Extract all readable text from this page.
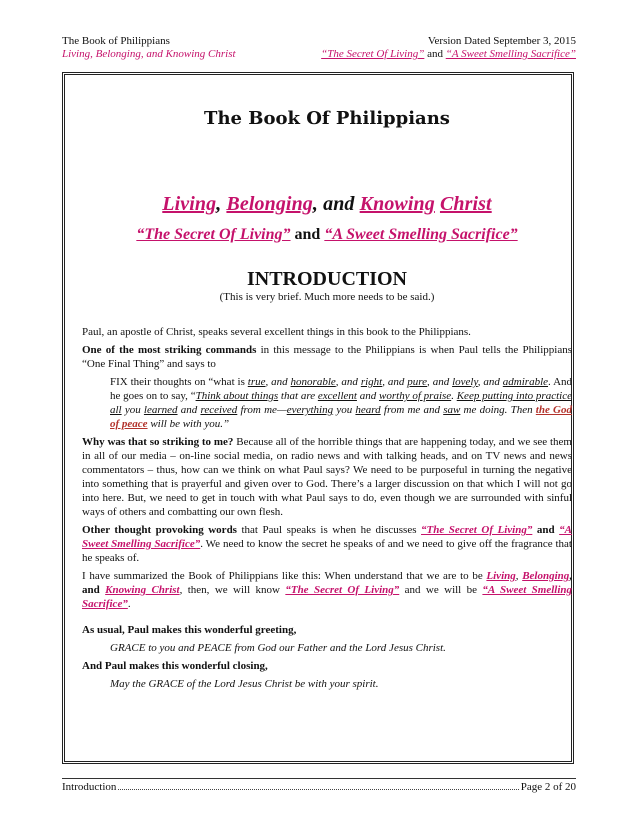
The Book of Philippians	Version Dated September 3, 2015
Living, Belonging, and Knowing Christ	“The Secret Of Living” and “A Sweet Smelling Sacrifice”
The Book Of Philippians
Living, Belonging, and Knowing Christ
“The Secret Of Living” and “A Sweet Smelling Sacrifice”
INTRODUCTION
(This is very brief. Much more needs to be said.)

Paul, an apostle of Christ, speaks several excellent things in this book to the Philippians.

One of the most striking commands in this message to the Philippians is when Paul tells the Philippians “One Final Thing” and says to

FIX their thoughts on “what is true, and honorable, and right, and pure, and lovely, and admirable. And he goes on to say, “Think about things that are excellent and worthy of praise. Keep putting into practice all you learned and received from me—everything you heard from me and saw me doing. Then the God of peace will be with you.”

Why was that so striking to me? Because all of the horrible things that are happening today, and we see them in all of our media – on-line social media, on radio news and with talking heads, and on TV news and news commentators – thus, how can we think on what Paul says? We need to be purposeful in turning the negative into something that is prayerful and given over to God. There’s a larger discussion on that which I will not go into here. But, we need to get in touch with what Paul says to do, even though we are surrounded with sinful ways of others and combatting our own flesh.

Other thought provoking words that Paul speaks is when he discusses “The Secret Of Living” and “A Sweet Smelling Sacrifice”. We need to know the secret he speaks of and we need to give off the fragrance that he speaks of.

I have summarized the Book of Philippians like this: When understand that we are to be Living, Belonging, and Knowing Christ, then, we will know “The Secret Of Living” and we will be “A Sweet Smelling Sacrifice”.

As usual, Paul makes this wonderful greeting,

GRACE to you and PEACE from God our Father and the Lord Jesus Christ.

And Paul makes this wonderful closing,

May the GRACE of the Lord Jesus Christ be with your spirit.

Introduction	Page 2 of 20
